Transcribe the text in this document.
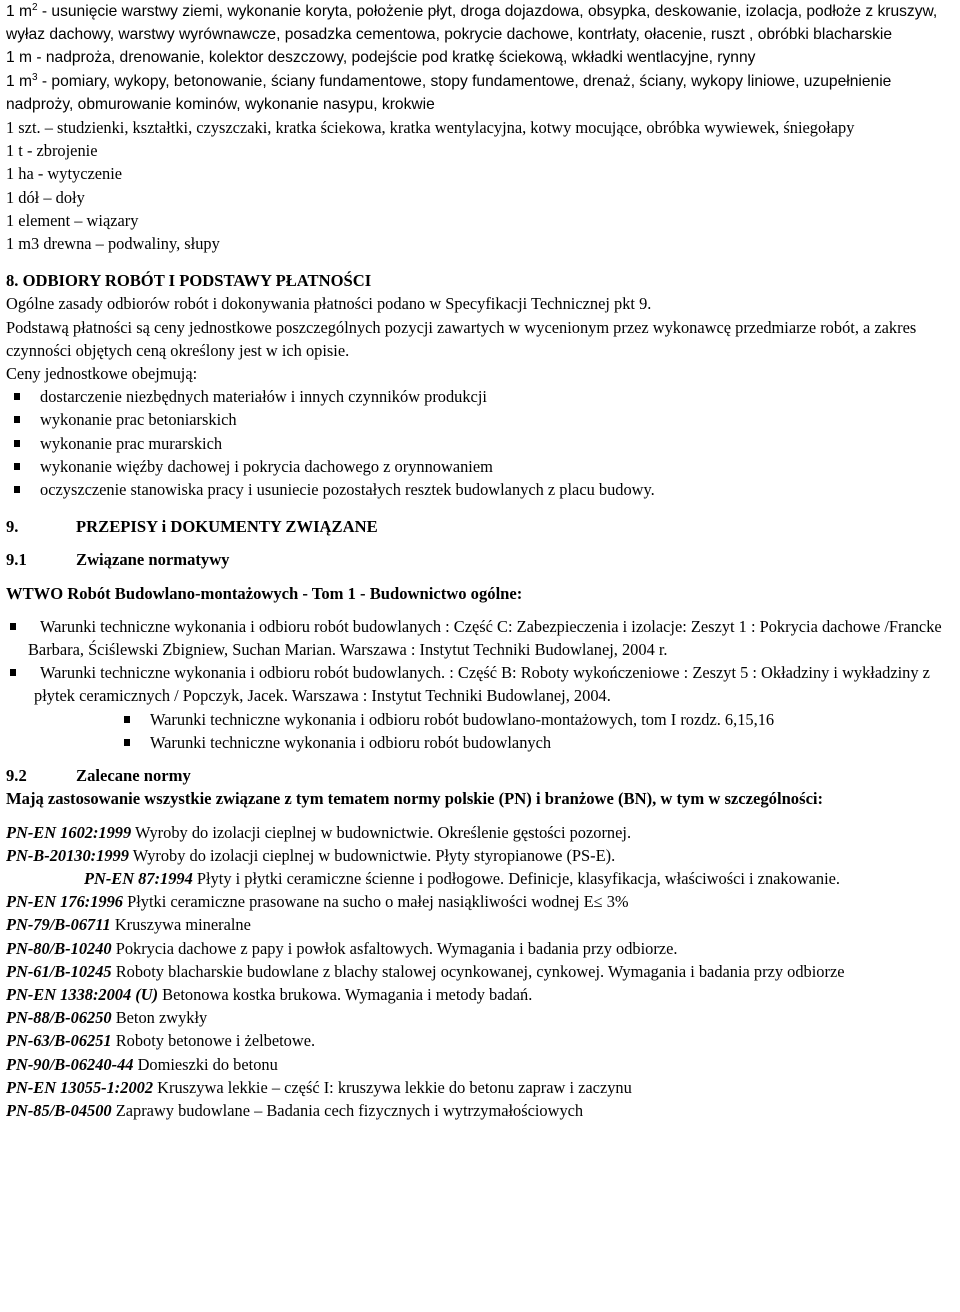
1 $m^2$ - usunięcie warstwy ziemi, wykonanie koryta, położenie płyt, droga dojazdowa, obsypka, deskowanie, izolacja, podłoże z kruszyw, wyłaz dachowy, warstwy wyrównawcze, posadzka cementowa, pokrycie dachowe, kontrłaty, ołacenie, ruszt , obróbki blacharskie

1 m - nadproża, drenowanie, kolektor deszczowy, podejście pod kratkę ściekową, wkładki wentlacyjne, rynny

1 $m^3$ - pomiary, wykopy, betonowanie, ściany fundamentowe, stopy fundamentowe, drenaż, ściany, wykopy liniowe, uzupełnienie nadproży, obmurowanie kominów, wykonanie nasypu, krokwie

1 szt. – studzienki, kształtki, czyszczaki, kratka ściekowa, kratka wentylacyjna, kotwy mocujące, obróbka wywiewek, śniegołapy

1 t - zbrojenie

1 ha - wytyczenie

1 dół – doły

1 element – wiązary

1 m3 drewna – podwaliny, słupy

8. ODBIORY ROBÓT I PODSTAWY PŁATNOŚCI

Ogólne zasady odbiorów robót i dokonywania płatności podano w Specyfikacji Technicznej pkt 9.

Podstawą płatności są ceny jednostkowe poszczególnych pozycji zawartych w wycenionym przez wykonawcę przedmiarze robót, a zakres czynności objętych ceną określony jest w ich opisie.

Ceny jednostkowe obejmują:

dostarczenie niezbędnych materiałów i innych czynników produkcji
wykonanie prac betoniarskich
wykonanie prac murarskich
wykonanie więźby dachowej i pokrycia dachowego z orynnowaniem
oczyszczenie stanowiska pracy i usuniecie pozostałych resztek budowlanych z placu budowy.
9.	PRZEPISY i DOKUMENTY ZWIĄZANE
9.1	Związane normatywy
WTWO Robót Budowlano-montażowych - Tom 1 - Budownictwo ogólne:
Warunki techniczne wykonania i odbioru robót budowlanych : Część C: Zabezpieczenia i izolacje: Zeszyt 1 : Pokrycia dachowe /Francke Barbara, Ściślewski Zbigniew, Suchan Marian. Warszawa : Instytut Techniki Budowlanej, 2004 r.
Warunki techniczne wykonania i odbioru robót budowlanych. : Część B: Roboty wykończeniowe : Zeszyt 5 : Okładziny i wykładziny z płytek ceramicznych / Popczyk, Jacek. Warszawa : Instytut Techniki Budowlanej, 2004.
Warunki techniczne wykonania i odbioru robót budowlano-montażowych, tom I rozdz. 6,15,16
Warunki techniczne wykonania i odbioru robót budowlanych
9.2	Zalecane normy
Mają zastosowanie wszystkie związane z tym tematem normy polskie (PN) i branżowe (BN), w tym w szczególności:

PN-EN 1602:1999 Wyroby do izolacji cieplnej w budownictwie. Określenie gęstości pozornej.

PN-B-20130:1999 Wyroby do izolacji cieplnej w budownictwie. Płyty styropianowe (PS-E).

PN-EN 87:1994 Płyty i płytki ceramiczne ścienne i podłogowe. Definicje, klasyfikacja, właściwości i znakowanie.

PN-EN 176:1996 Płytki ceramiczne prasowane na sucho o małej nasiąkliwości wodnej E≤ 3%

PN-79/B-06711 Kruszywa mineralne

PN-80/B-10240 Pokrycia dachowe z papy i powłok asfaltowych. Wymagania i badania przy odbiorze.

PN-61/B-10245 Roboty blacharskie budowlane z blachy stalowej ocynkowanej, cynkowej. Wymagania i badania przy odbiorze

PN-EN 1338:2004 (U) Betonowa kostka brukowa. Wymagania i metody badań.

PN-88/B-06250 Beton zwykły

PN-63/B-06251 Roboty betonowe i żelbetowe.

PN-90/B-06240-44 Domieszki do betonu

PN-EN 13055-1:2002 Kruszywa lekkie – część I: kruszywa lekkie do betonu zapraw i zaczynu

PN-85/B-04500 Zaprawy budowlane – Badania cech fizycznych i wytrzymałościowych
